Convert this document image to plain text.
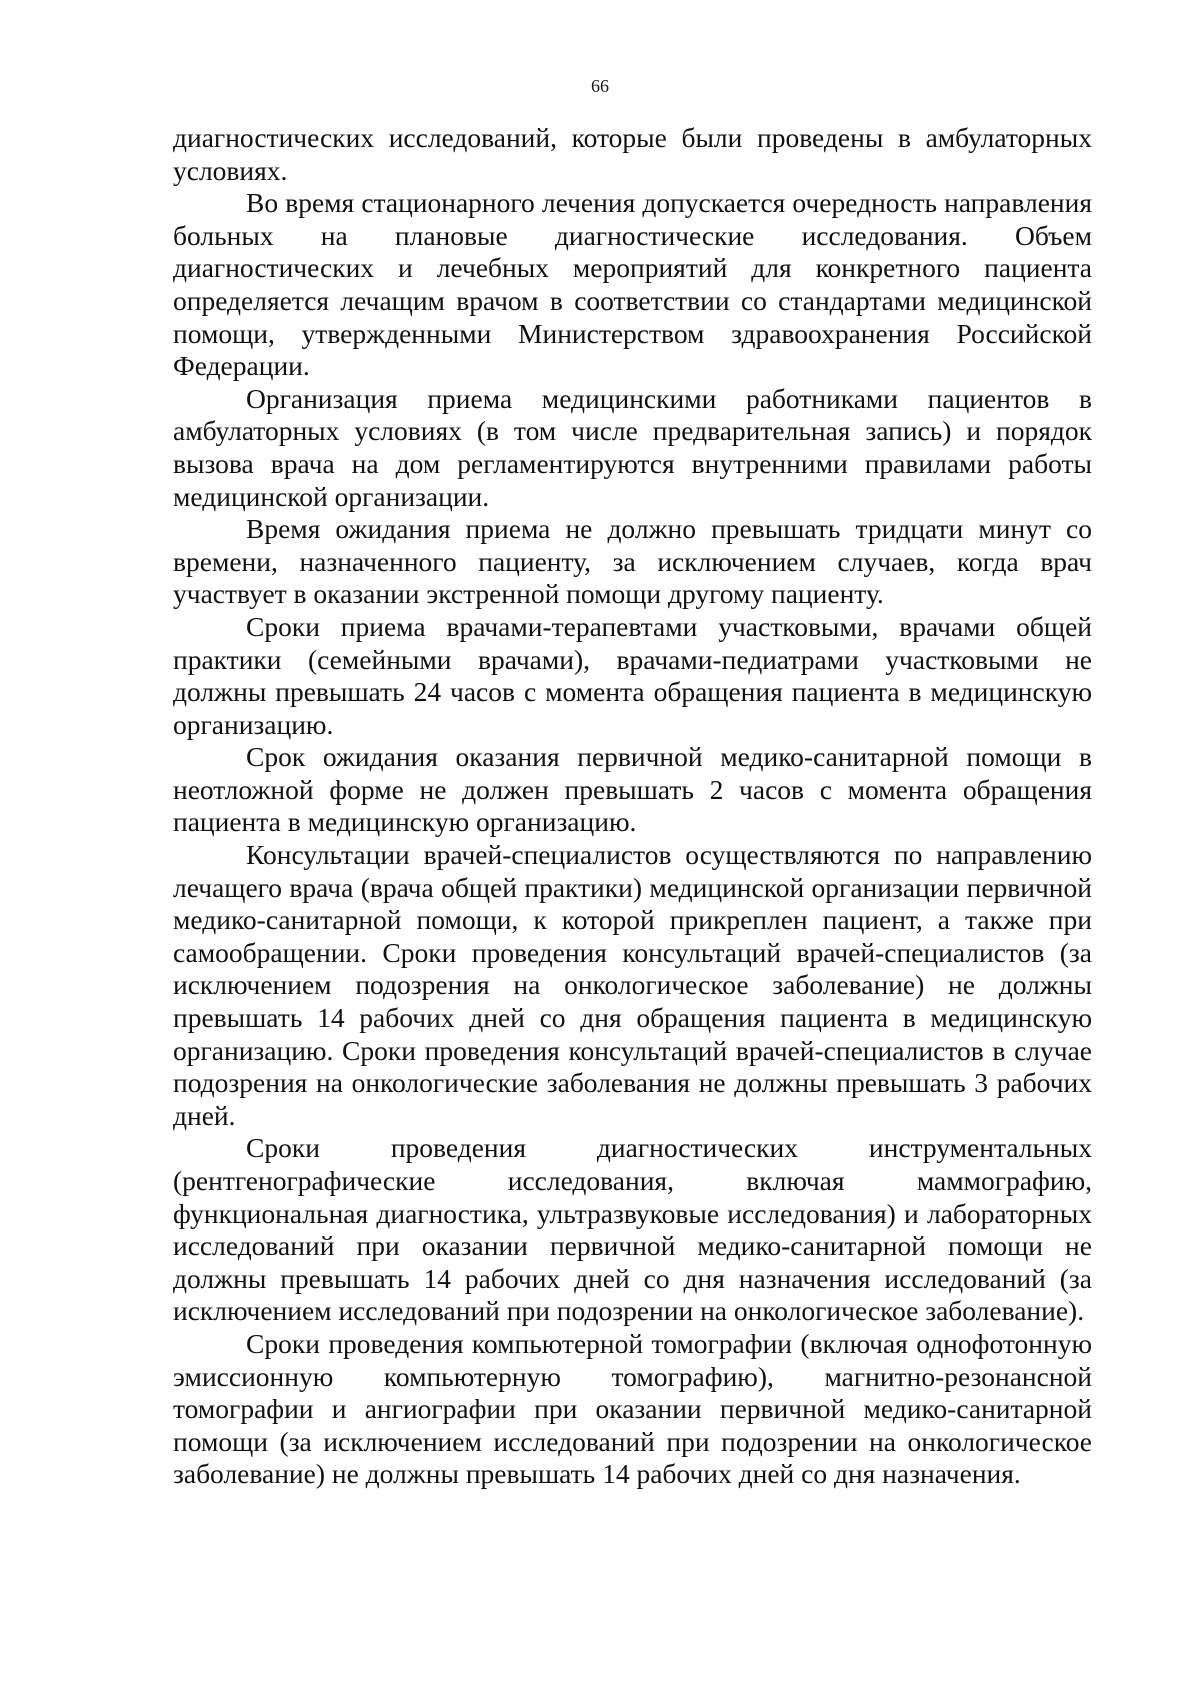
66

диагностических исследований, которые были проведены в амбулаторных условиях.

Во время стационарного лечения допускается очередность направления больных на плановые диагностические исследования. Объем диагностических и лечебных мероприятий для конкретного пациента определяется лечащим врачом в соответствии со стандартами медицинской помощи, утвержденными Министерством здравоохранения Российской Федерации.

Организация приема медицинскими работниками пациентов в амбулаторных условиях (в том числе предварительная запись) и порядок вызова врача на дом регламентируются внутренними правилами работы медицинской организации.

Время ожидания приема не должно превышать тридцати минут со времени, назначенного пациенту, за исключением случаев, когда врач участвует в оказании экстренной помощи другому пациенту.

Сроки приема врачами-терапевтами участковыми, врачами общей практики (семейными врачами), врачами-педиатрами участковыми не должны превышать 24 часов с момента обращения пациента в медицинскую организацию.

Срок ожидания оказания первичной медико-санитарной помощи в неотложной форме не должен превышать 2 часов с момента обращения пациента в медицинскую организацию.

Консультации врачей-специалистов осуществляются по направлению лечащего врача (врача общей практики) медицинской организации первичной медико-санитарной помощи, к которой прикреплен пациент, а также при самообращении. Сроки проведения консультаций врачей-специалистов (за исключением подозрения на онкологическое заболевание) не должны превышать 14 рабочих дней со дня обращения пациента в медицинскую организацию. Сроки проведения консультаций врачей-специалистов в случае подозрения на онкологические заболевания не должны превышать 3 рабочих дней.

Сроки проведения диагностических инструментальных (рентгенографические исследования, включая маммографию, функциональная диагностика, ультразвуковые исследования) и лабораторных исследований при оказании первичной медико-санитарной помощи не должны превышать 14 рабочих дней со дня назначения исследований (за исключением исследований при подозрении на онкологическое заболевание).

Сроки проведения компьютерной томографии (включая однофотонную эмиссионную компьютерную томографию), магнитно-резонансной томографии и ангиографии при оказании первичной медико-санитарной помощи (за исключением исследований при подозрении на онкологическое заболевание) не должны превышать 14 рабочих дней со дня назначения.
